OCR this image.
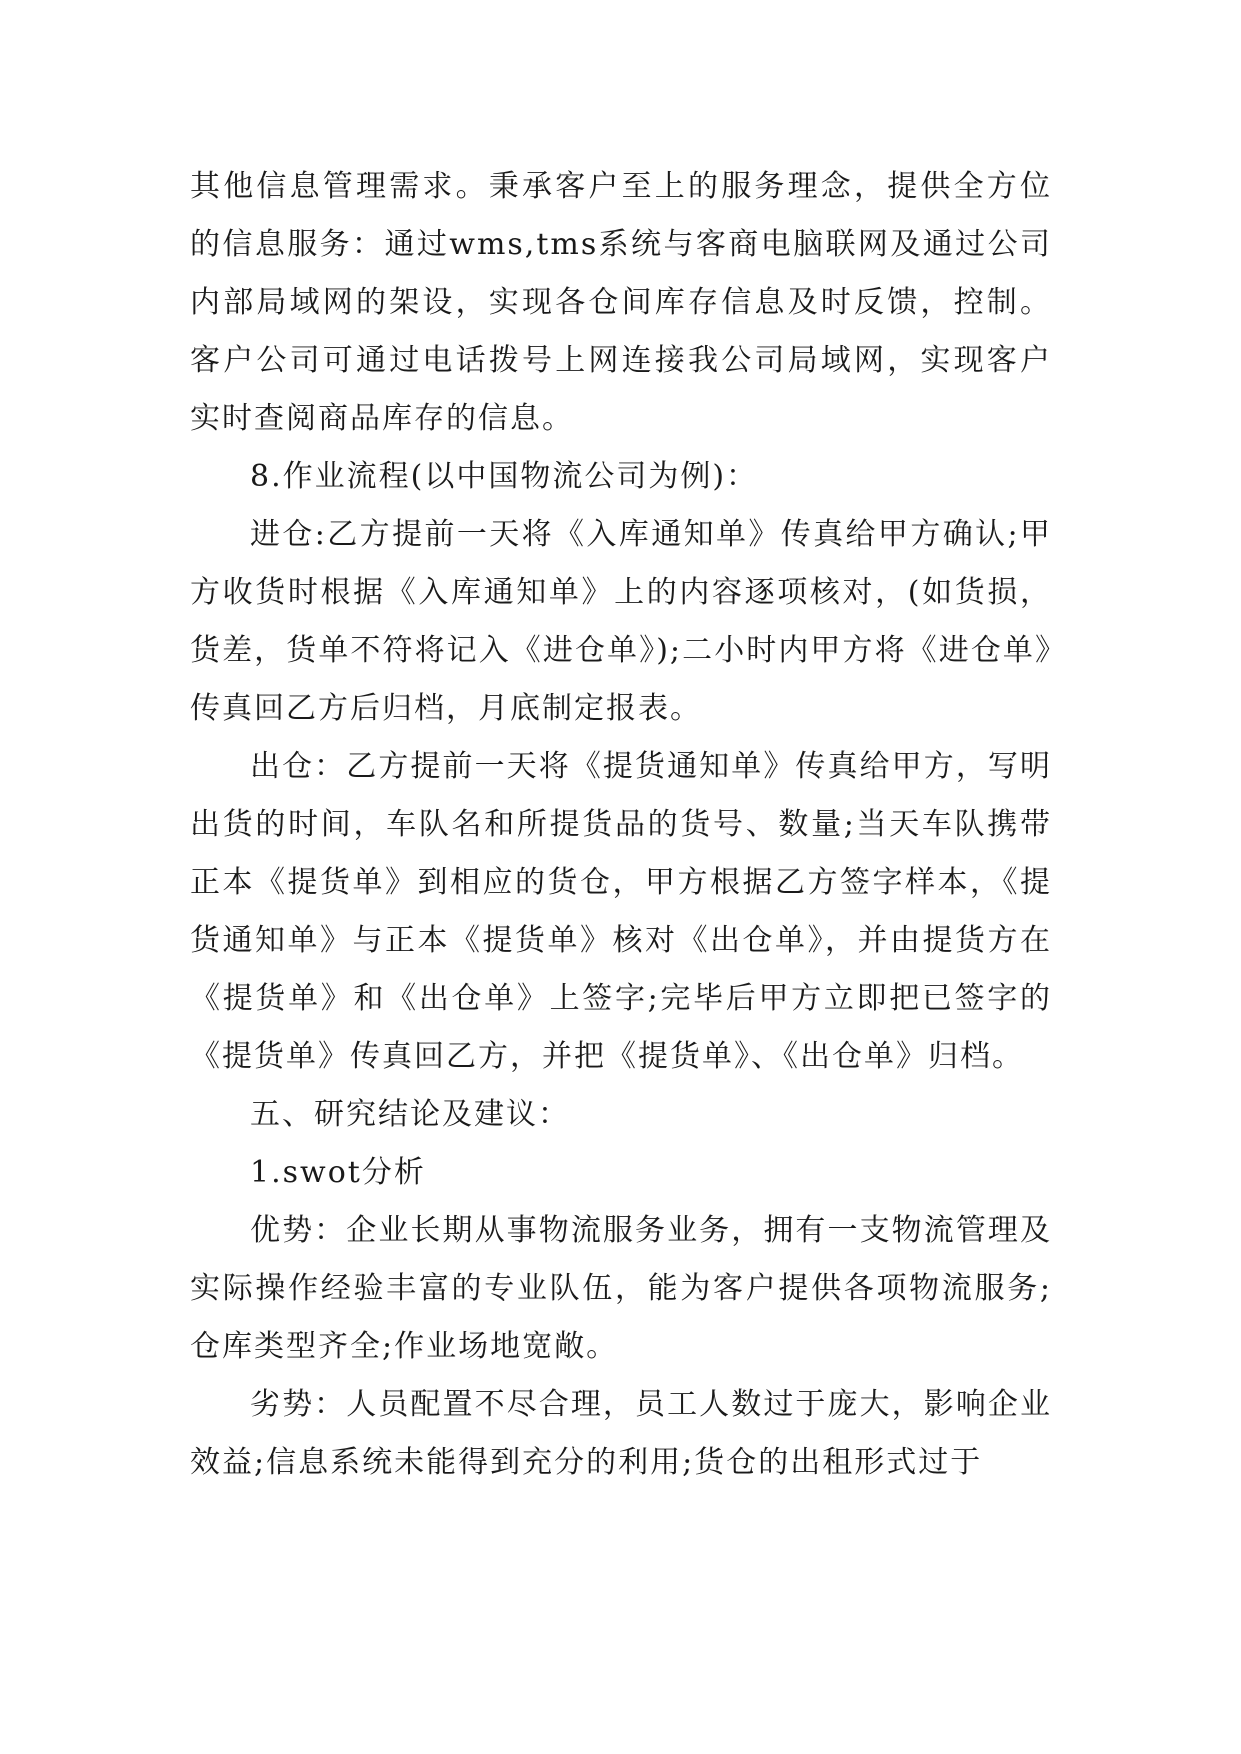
其他信息管理需求。秉承客户至上的服务理念，提供全方位的信息服务：通过wms,tms系统与客商电脑联网及通过公司内部局域网的架设，实现各仓间库存信息及时反馈，控制。客户公司可通过电话拨号上网连接我公司局域网，实现客户实时查阅商品库存的信息。

8.作业流程(以中国物流公司为例)：

进仓:乙方提前一天将《入库通知单》传真给甲方确认;甲方收货时根据《入库通知单》上的内容逐项核对，(如货损，货差，货单不符将记入《进仓单》);二小时内甲方将《进仓单》传真回乙方后归档，月底制定报表。

出仓：乙方提前一天将《提货通知单》传真给甲方，写明出货的时间，车队名和所提货品的货号、数量;当天车队携带正本《提货单》到相应的货仓，甲方根据乙方签字样本，《提货通知单》与正本《提货单》核对《出仓单》，并由提货方在《提货单》和《出仓单》上签字;完毕后甲方立即把已签字的《提货单》传真回乙方，并把《提货单》、《出仓单》归档。

五、研究结论及建议：

1.swot分析

优势：企业长期从事物流服务业务，拥有一支物流管理及实际操作经验丰富的专业队伍，能为客户提供各项物流服务;仓库类型齐全;作业场地宽敞。

劣势：人员配置不尽合理，员工人数过于庞大，影响企业效益;信息系统未能得到充分的利用;货仓的出租形式过于
